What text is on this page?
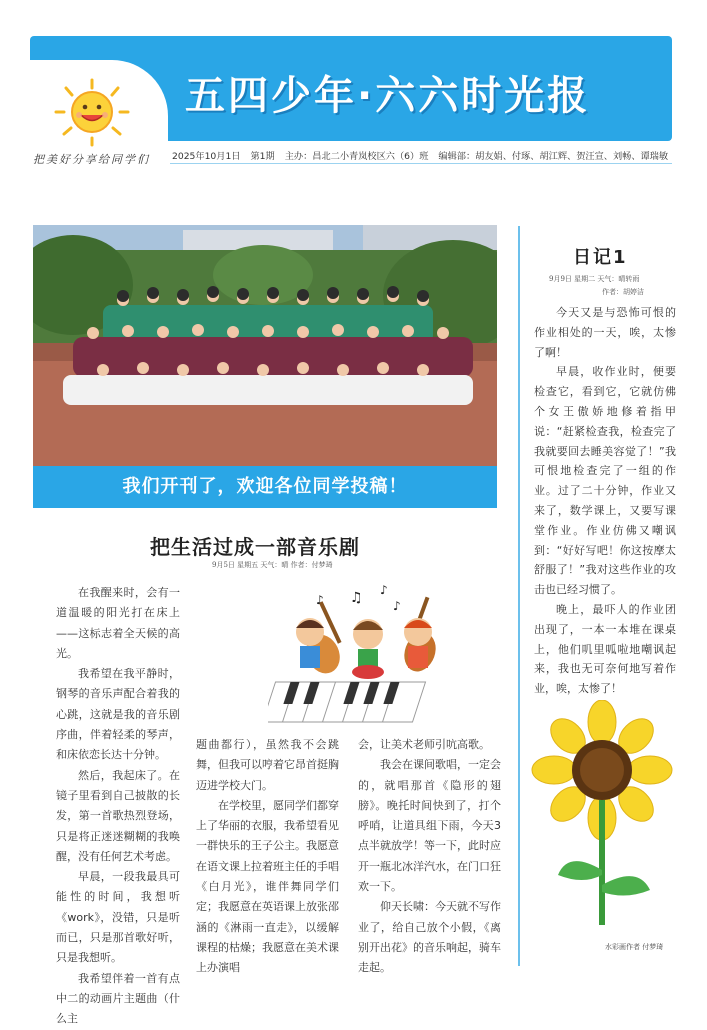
五四少年·六六时光报
把美好分享给同学们 2025年10月1日 第1期 主办：昌北二小青岚校区六（6）班 编辑部：胡友娟、付琢、胡江辉、贺汪宣、刘畅、谭瑞敏
我们开刊了，欢迎各位同学投稿！
把生活过成一部音乐剧
9月5日 星期五 天气：晴 作者：付梦琦

在我醒来时，会有一道温暖的阳光打在床上——这标志着全天候的高光。

我希望在我平静时，钢琴的音乐声配合着我的心跳，这就是我的音乐剧序曲，伴着轻柔的琴声，和床依恋长达十分钟。

然后，我起床了。在镜子里看到自己披散的长发，第一首歌热烈登场，只是将正迷迷糊糊的我唤醒，没有任何艺术考虑。

早晨，一段我最具可能性的时间，我想听《work》，没错，只是听而已，只是那首歌好听，只是我想听。

我希望伴着一首有点中二的动画片主题曲（什么主

♫ ♪
♪
♪

题曲都行），虽然我不会跳舞，但我可以哼着它昂首挺胸迈进学校大门。

在学校里，愿同学们都穿上了华丽的衣服，我希望看见一群快乐的王子公主。我愿意在语文课上拉着班主任的手唱《白月光》，谁伴舞同学们定；我愿意在英语课上放张邵涵的《淋雨一直走》，以缓解课程的枯燥；我愿意在美术课上办演唱

会，让美术老师引吭高歌。

我会在课间歌唱，一定会的，就唱那首《隐形的翅膀》。晚托时间快到了，打个呼哨，让道具组下雨，今天3点半就放学！等一下，此时应开一瓶北冰洋汽水，在门口狂欢一下。

仰天长啸：今天就不写作业了，给自己放个小假，《离别开出花》的音乐响起，骑车走起。

日记1
9月9日 星期二 天气：晴转雨
作者：胡婷洁

今天又是与恐怖可恨的作业相处的一天，唉，太惨了啊！

早晨，收作业时，便要检查它，看到它，它就仿佛个女王傲娇地修着指甲说：“赶紧检查我，检查完了我就要回去睡美容觉了！”我可恨地检查完了一组的作业。过了二十分钟，作业又来了，数学课上，又要写课堂作业。作业仿佛又嘲讽到：“好好写吧！你这按摩太舒服了！”我对这些作业的攻击也已经习惯了。

晚上，最吓人的作业团出现了，一本一本堆在课桌上，他们叽里呱啦地嘲讽起来，我也无可奈何地写着作业，唉，太惨了！

水彩画作者 付梦琦
